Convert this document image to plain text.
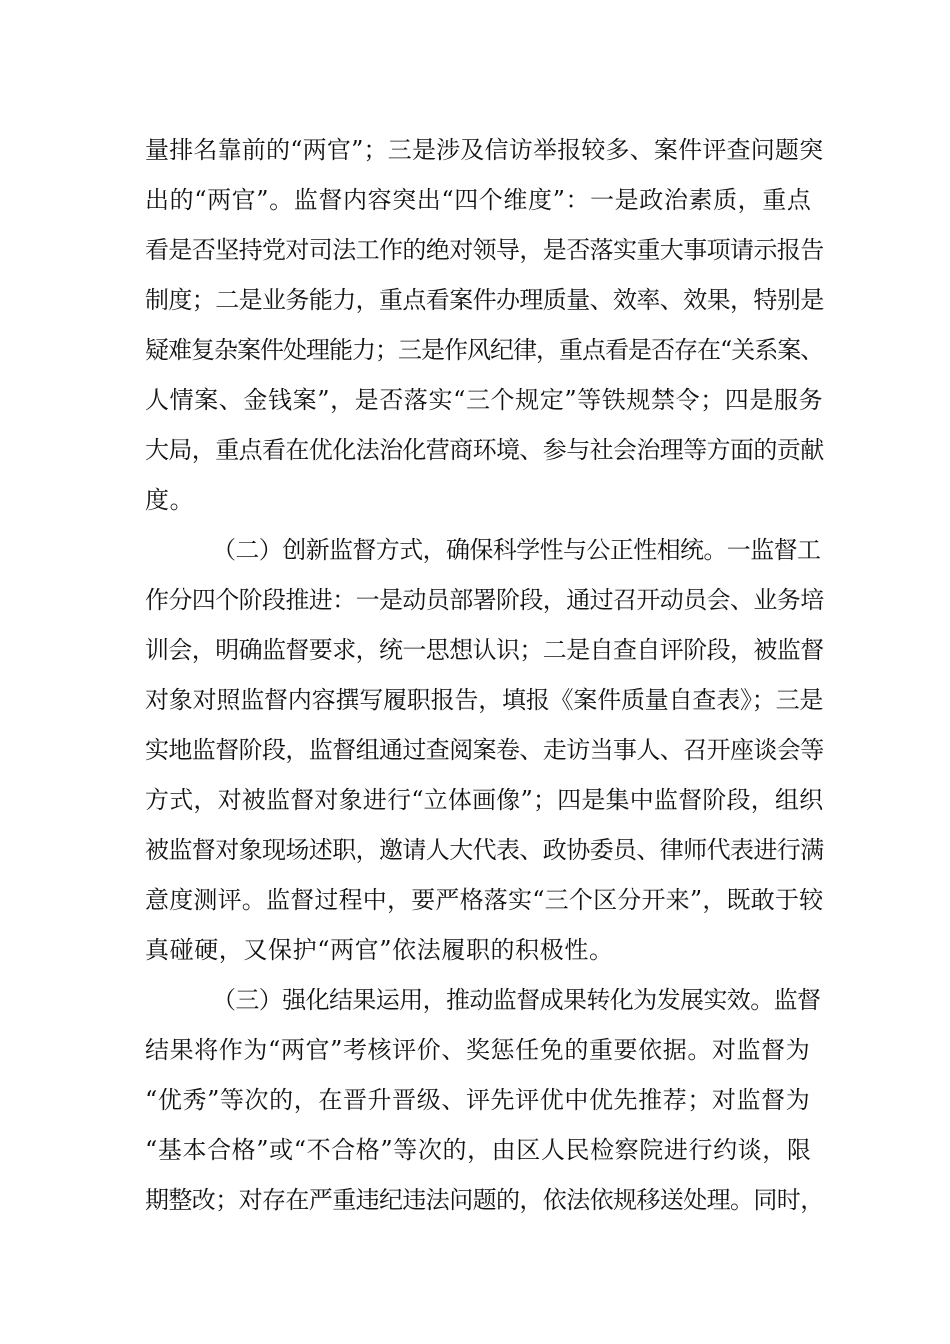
量排名靠前的“两官”；三是涉及信访举报较多、案件评查问题突
出的“两官”。监督内容突出“四个维度”：一是政治素质，重点
看是否坚持党对司法工作的绝对领导，是否落实重大事项请示报告
制度；二是业务能力，重点看案件办理质量、效率、效果，特别是
疑难复杂案件处理能力；三是作风纪律，重点看是否存在“关系案、
人情案、金钱案”，是否落实“三个规定”等铁规禁令；四是服务
大局，重点看在优化法治化营商环境、参与社会治理等方面的贡献
度。
（二）创新监督方式，确保科学性与公正性相统。一监督工
作分四个阶段推进：一是动员部署阶段，通过召开动员会、业务培
训会，明确监督要求，统一思想认识；二是自查自评阶段，被监督
对象对照监督内容撰写履职报告，填报《案件质量自查表》；三是
实地监督阶段，监督组通过查阅案卷、走访当事人、召开座谈会等
方式，对被监督对象进行“立体画像”；四是集中监督阶段，组织
被监督对象现场述职，邀请人大代表、政协委员、律师代表进行满
意度测评。监督过程中，要严格落实“三个区分开来”，既敢于较
真碰硬，又保护“两官”依法履职的积极性。
（三）强化结果运用，推动监督成果转化为发展实效。监督
结果将作为“两官”考核评价、奖惩任免的重要依据。对监督为
“优秀”等次的，在晋升晋级、评先评优中优先推荐；对监督为
“基本合格”或“不合格”等次的，由区人民检察院进行约谈，限
期整改；对存在严重违纪违法问题的，依法依规移送处理。同时，
